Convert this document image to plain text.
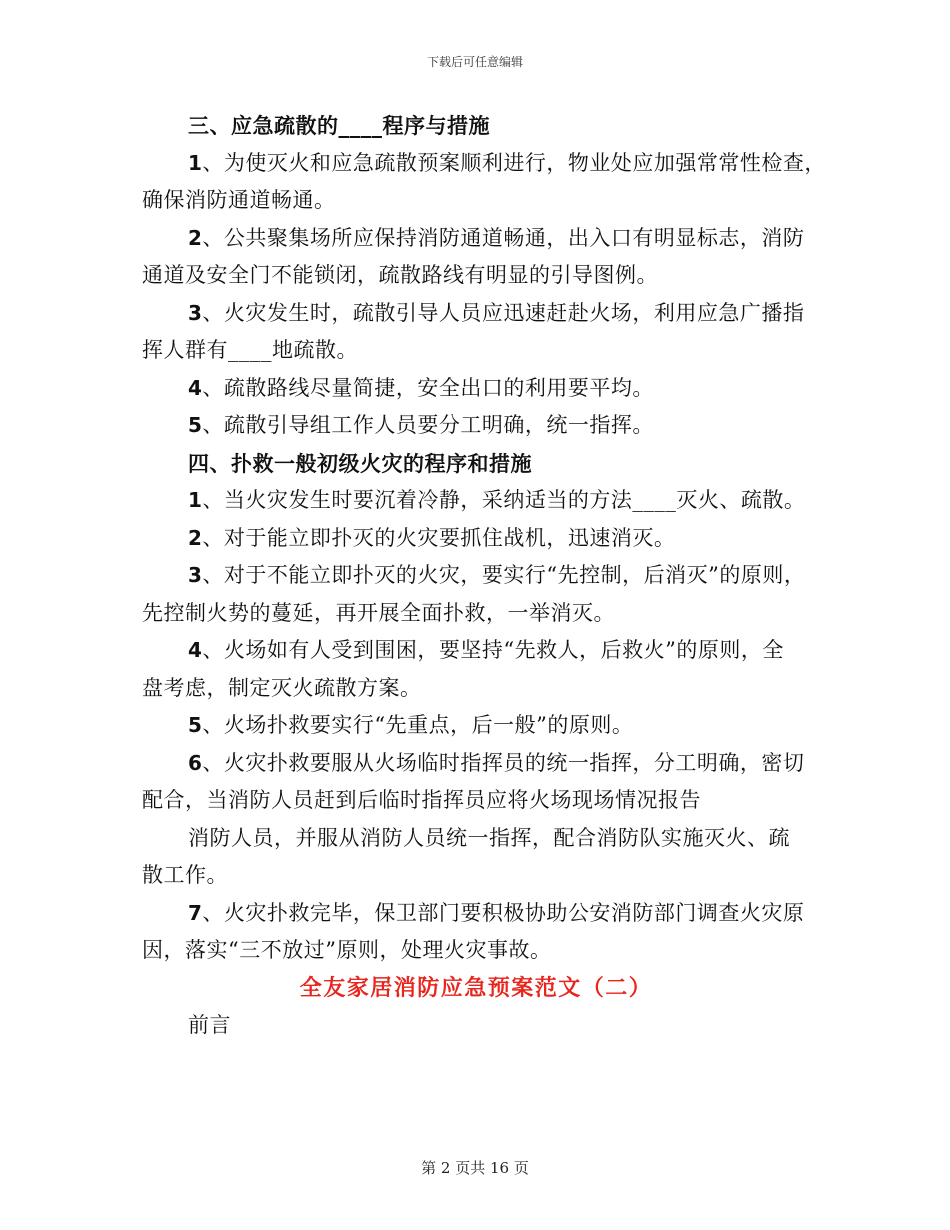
下载后可任意编辑

三、应急疏散的____程序与措施

1、为使灭火和应急疏散预案顺利进行，物业处应加强常常性检查，

确保消防通道畅通。

2、公共聚集场所应保持消防通道畅通，出入口有明显标志，消防

通道及安全门不能锁闭，疏散路线有明显的引导图例。

3、火灾发生时，疏散引导人员应迅速赶赴火场，利用应急广播指

挥人群有____地疏散。

4、疏散路线尽量简捷，安全出口的利用要平均。

5、疏散引导组工作人员要分工明确，统一指挥。

四、扑救一般初级火灾的程序和措施

1、当火灾发生时要沉着冷静，采纳适当的方法____灭火、疏散。

2、对于能立即扑灭的火灾要抓住战机，迅速消灭。

3、对于不能立即扑灭的火灾，要实行“先控制，后消灭”的原则，

先控制火势的蔓延，再开展全面扑救，一举消灭。

4、火场如有人受到围困，要坚持“先救人，后救火”的原则，全

盘考虑，制定灭火疏散方案。

5、火场扑救要实行“先重点，后一般”的原则。

6、火灾扑救要服从火场临时指挥员的统一指挥，分工明确，密切

配合，当消防人员赶到后临时指挥员应将火场现场情况报告

消防人员，并服从消防人员统一指挥，配合消防队实施灭火、疏

散工作。

7、火灾扑救完毕，保卫部门要积极协助公安消防部门调查火灾原

因，落实“三不放过”原则，处理火灾事故。

全友家居消防应急预案范文（二）

前言

第 2 页共 16 页
